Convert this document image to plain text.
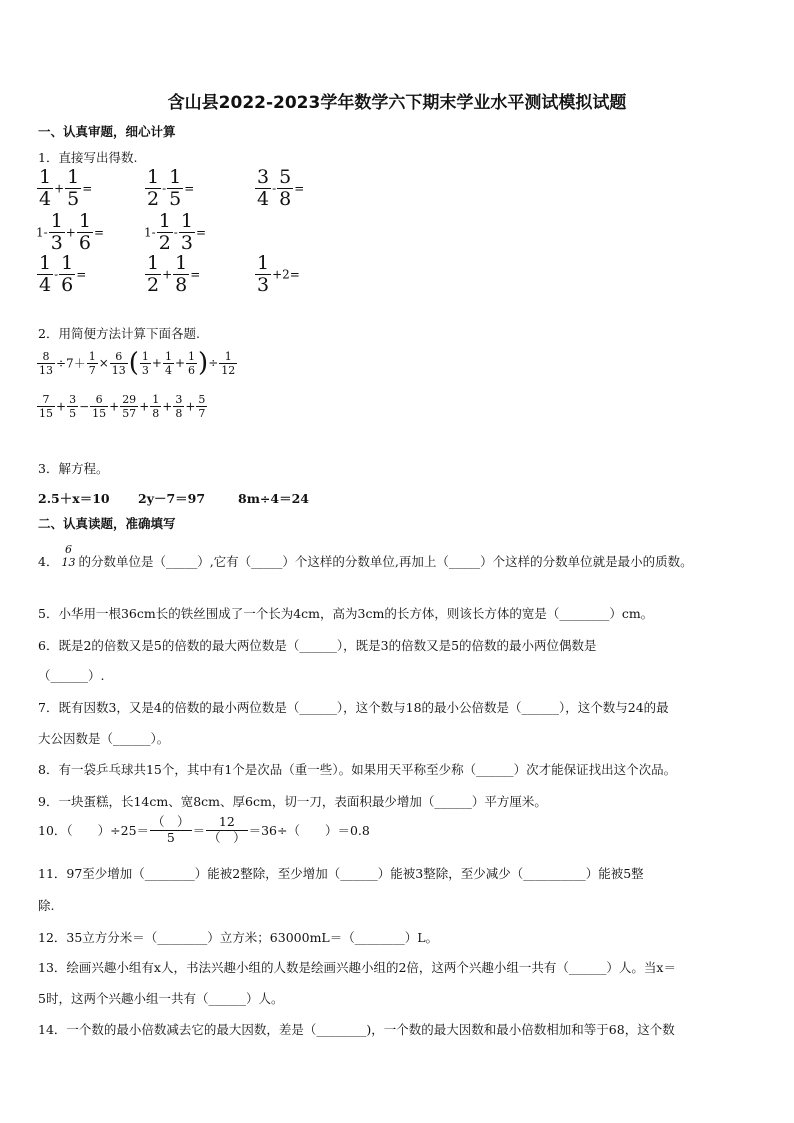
含山县2022-2023学年数学六下期末学业水平测试模拟试题
一、认真审题，细心计算
1．直接写出得数.
$\frac{1}{4} + \frac{1}{5}$ =	$\frac{1}{2} - \frac{1}{5}$ =	$\frac{3}{4} - \frac{5}{8}$ =
$1- \frac{1}{3} + \frac{1}{6}$ =	$1- \frac{1}{2} - \frac{1}{3}$ =
$\frac{1}{4} - \frac{1}{6}$ =	$\frac{1}{2} + \frac{1}{8}$ =	$\frac{1}{3} +2=$
2．用简便方法计算下面各题.
$\frac{8}{13} \div 7+ \frac{1}{7} \times \frac{6}{13}$ ( $\frac{1}{3} + \frac{1}{4} + \frac{1}{6}$ )÷ $\frac{1}{12}$
$\frac{7}{15} + \frac{3}{5} - \frac{6}{15} + \frac{29}{57} + \frac{1}{8} + \frac{3}{8} + \frac{5}{7}$
3．解方程。
2.5＋x＝10 2y－7＝97	8m÷4＝24
二、认真读题，准确填写
4．
6
13 的分数单位是（_____）,它有（_____）个这样的分数单位,再加上（_____）个这样的分数单位就是最小的质数。
5．小华用一根36cm长的铁丝围成了一个长为4cm，高为3cm的长方体，则该长方体的宽是（________）cm。
6．既是2的倍数又是5的倍数的最大两位数是（______），既是3的倍数又是5的倍数的最小两位偶数是
（______）.
7．既有因数3，又是4的倍数的最小两位数是（______），这个数与18的最小公倍数是（______），这个数与24的最
大公因数是（______）。
8．有一袋乒乓球共15个，其中有1个是次品（重一些）。如果用天平称至少称（______）次才能保证找出这个次品。
9．一块蛋糕，长14cm、宽8cm、厚6cm，切一刀，表面积最少增加（______）平方厘米。
10．（　　）$\div 25= \frac{( )}{5} = \frac{12}{( )} =36\div$（　　）＝0.8
11．97至少增加（________）能被2整除，至少增加（______）能被3整除，至少减少（__________）能被5整
除.
12．35立方分米＝（________）立方米；63000mL＝（________）L。
13．绘画兴趣小组有x人，书法兴趣小组的人数是绘画兴趣小组的2倍，这两个兴趣小组一共有（______）人。当x＝
5时，这两个兴趣小组一共有（______）人。
14．一个数的最小倍数减去它的最大因数，差是（________)，一个数的最大因数和最小倍数相加和等于68，这个数
